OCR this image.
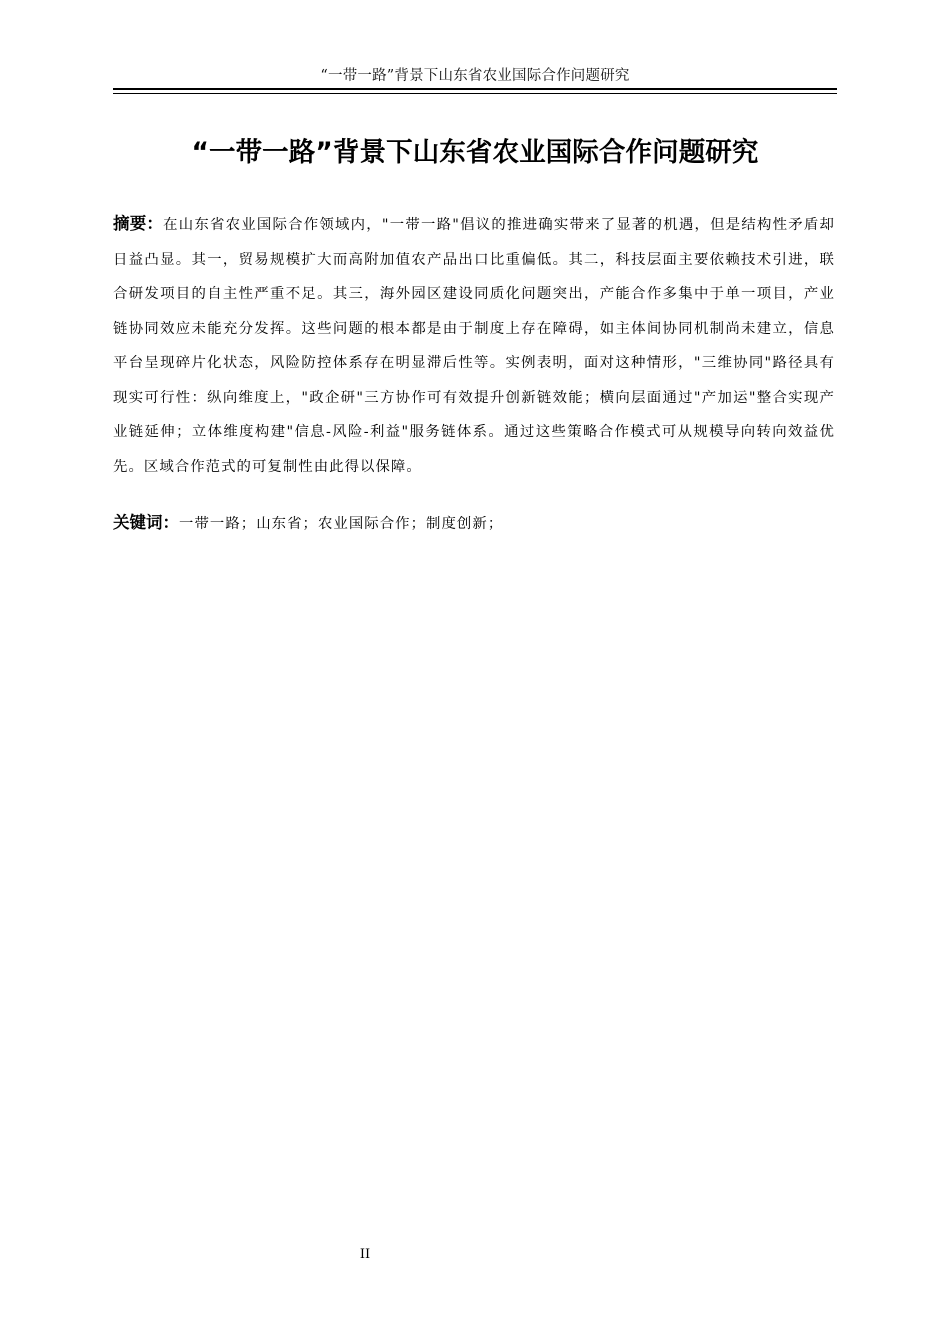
“一带一路”背景下山东省农业国际合作问题研究
“一带一路”背景下山东省农业国际合作问题研究

摘要：在山东省农业国际合作领域内，"一带一路"倡议的推进确实带来了显著的机遇，但是结构性矛盾却日益凸显。其一，贸易规模扩大而高附加值农产品出口比重偏低。其二，科技层面主要依赖技术引进，联合研发项目的自主性严重不足。其三，海外园区建设同质化问题突出，产能合作多集中于单一项目，产业链协同效应未能充分发挥。这些问题的根本都是由于制度上存在障碍，如主体间协同机制尚未建立，信息平台呈现碎片化状态，风险防控体系存在明显滞后性等。实例表明，面对这种情形，"三维协同"路径具有现实可行性：纵向维度上，"政企研"三方协作可有效提升创新链效能；横向层面通过"产加运"整合实现产业链延伸；立体维度构建"信息-风险-利益"服务链体系。通过这些策略合作模式可从规模导向转向效益优先。区域合作范式的可复制性由此得以保障。

关键词：一带一路；山东省；农业国际合作；制度创新；

II
